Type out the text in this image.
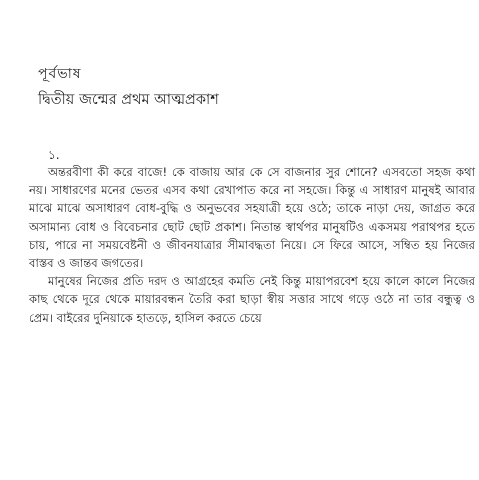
পূর্বভাষ
দ্বিতীয় জন্মের প্রথম আত্মপ্রকাশ
১.

অন্তরবীণা কী করে বাজে! কে বাজায় আর কে সে বাজনার সুর শোনে? এসবতো সহজ কথা নয়। সাধারণের মনের ভেতর এসব কথা রেখাপাত করে না সহজে। কিন্তু এ সাধারণ মানুষই আবার মাঝে মাঝে অসাধারণ বোধ-বুদ্ধি ও অনুভবের সহযাত্রী হয়ে ওঠে; তাকে নাড়া দেয়, জাগ্রত করে অসামান্য বোধ ও বিবেচনার ছোট ছোট প্রকাশ। নিতান্ত স্বার্থপর মানুষটিও একসময় পরাথপর হতে চায়, পারে না সময়বেষ্টনী ও জীবনযাত্রার সীমাবদ্ধতা নিয়ে। সে ফিরে আসে, সম্বিত হয় নিজের বাস্তব ও জান্তব জগতের।

মানুষের নিজের প্রতি দরদ ও আগ্রহের কমতি নেই কিন্তু মায়াপরবেশ হয়ে কালে কালে নিজের কাছ থেকে দূরে থেকে মায়ারবন্ধন তৈরি করা ছাড়া স্বীয় সত্তার সাথে গড়ে ওঠে না তার বন্ধুত্ব ও প্রেম। বাইরের দুনিয়াকে হাতড়ে, হাসিল করতে চেয়ে
